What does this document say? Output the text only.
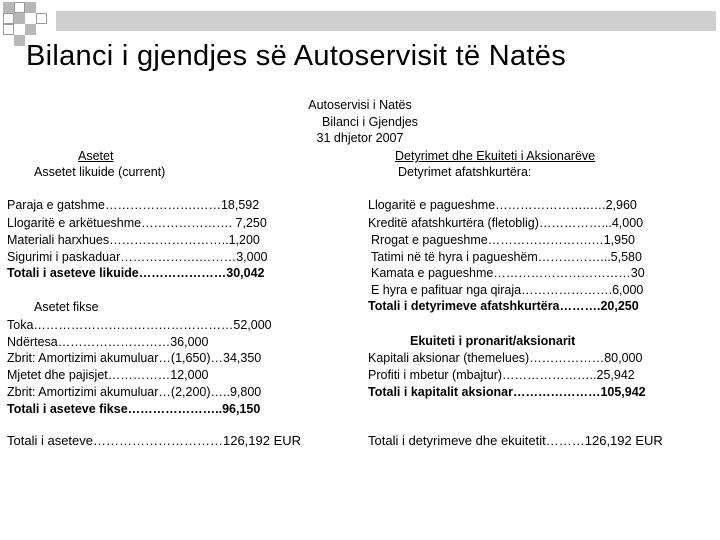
Bilanci i gjendjes së Autoservisit të Natës
Autoservisi i Natës
Bilanci i Gjendjes
31 dhjetor 2007
Asetet
Assetet likuide (current)
Paraja e gatshme………………….……18,592
Llogaritë e arkëtueshme…………………. 7,250
Materiali harxhues………………………..1,200
Sigurimi i paskaduar……………….………3,000
Totali i aseteve likuide…………………30,042
Asetet fikse
Toka…………………………………………52,000
Ndërtesa………………………36,000
Zbrit: Amortizimi akumuluar…(1,650)…34,350
Mjetet dhe pajisjet……………12,000
Zbrit: Amortizimi akumuluar…(2,200)…..9,800
Totali i aseteve fikse…………………..96,150
Totali i aseteve…………………………126,192 EUR
Detyrimet dhe Ekuiteti i Aksionarëve
Detyrimet afatshkurtëra:
Llogaritë e pagueshme…………………..….2,960
Kreditë afatshkurtëra (fletoblig)……………...4,000
Rrogat e pagueshme…………………….…1,950
Tatimi në të hyra i pagueshëm……………...5,580
Kamata e pagueshme……………………………30
E hyra e pafituar nga qiraja………………….6,000
Totali i detyrimeve afatshkurtëra……….20,250
Ekuiteti i pronarit/aksionarit
Kapitali aksionar (themelues)………………80,000
Profiti i mbetur (mbajtur)…………………..25,942
Totali i kapitalit aksionar…………………105,942
Totali i detyrimeve dhe ekuitetit………126,192 EUR
